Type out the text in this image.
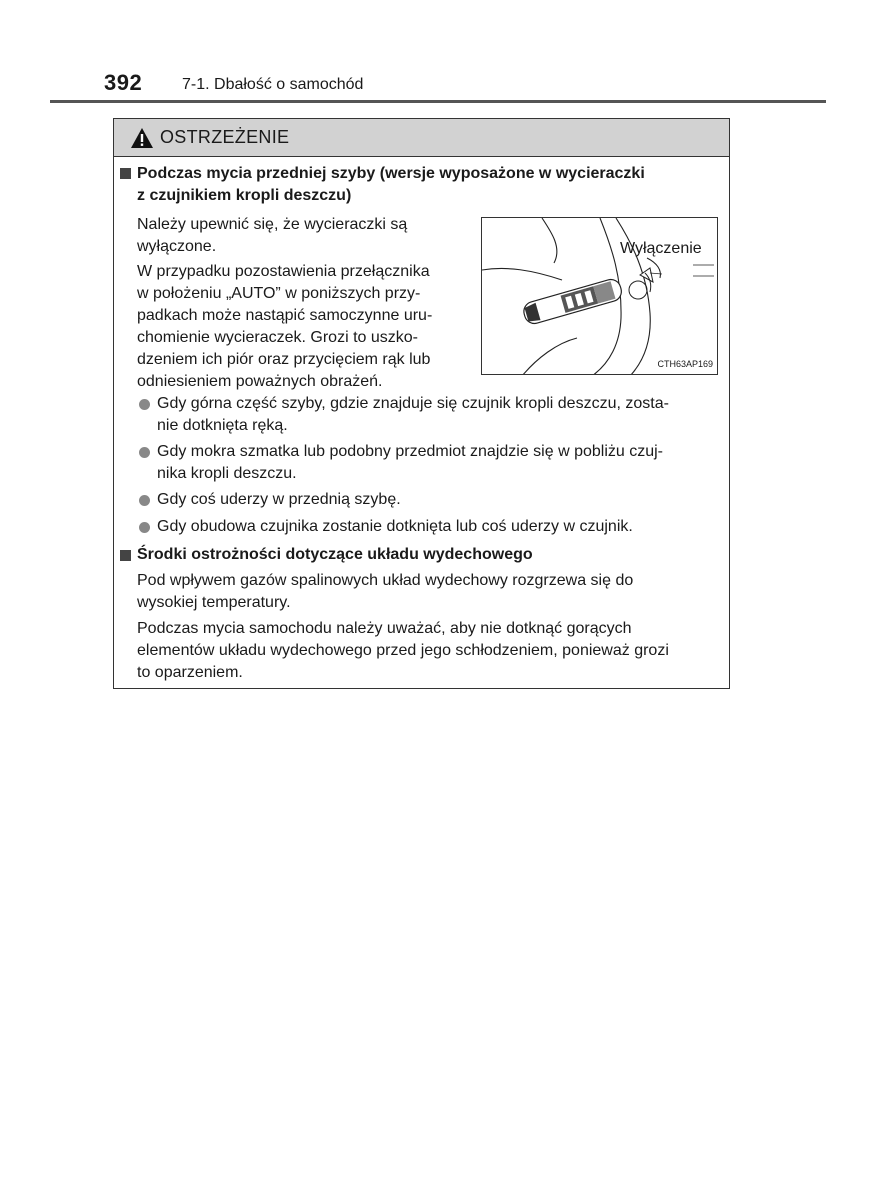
392 7-1. Dbałość o samochód
OSTRZEŻENIE
Podczas mycia przedniej szyby (wersje wyposażone w wycieraczki
z czujnikiem kropli deszczu)
Należy upewnić się, że wycieraczki są
wyłączone.
W przypadku pozostawienia przełącznika
w położeniu „AUTO” w poniższych przy-
padkach może nastąpić samoczynne uru-
chomienie wycieraczek. Grozi to uszko-
dzeniem ich piór oraz przycięciem rąk lub
odniesieniem poważnych obrażeń.
Wyłączenie
CTH63AP169
Gdy górna część szyby, gdzie znajduje się czujnik kropli deszczu, zosta-
nie dotknięta ręką.
Gdy mokra szmatka lub podobny przedmiot znajdzie się w pobliżu czuj-
nika kropli deszczu.
Gdy coś uderzy w przednią szybę.
Gdy obudowa czujnika zostanie dotknięta lub coś uderzy w czujnik.
Środki ostrożności dotyczące układu wydechowego
Pod wpływem gazów spalinowych układ wydechowy rozgrzewa się do
wysokiej temperatury.
Podczas mycia samochodu należy uważać, aby nie dotknąć gorących
elementów układu wydechowego przed jego schłodzeniem, ponieważ grozi
to oparzeniem.
